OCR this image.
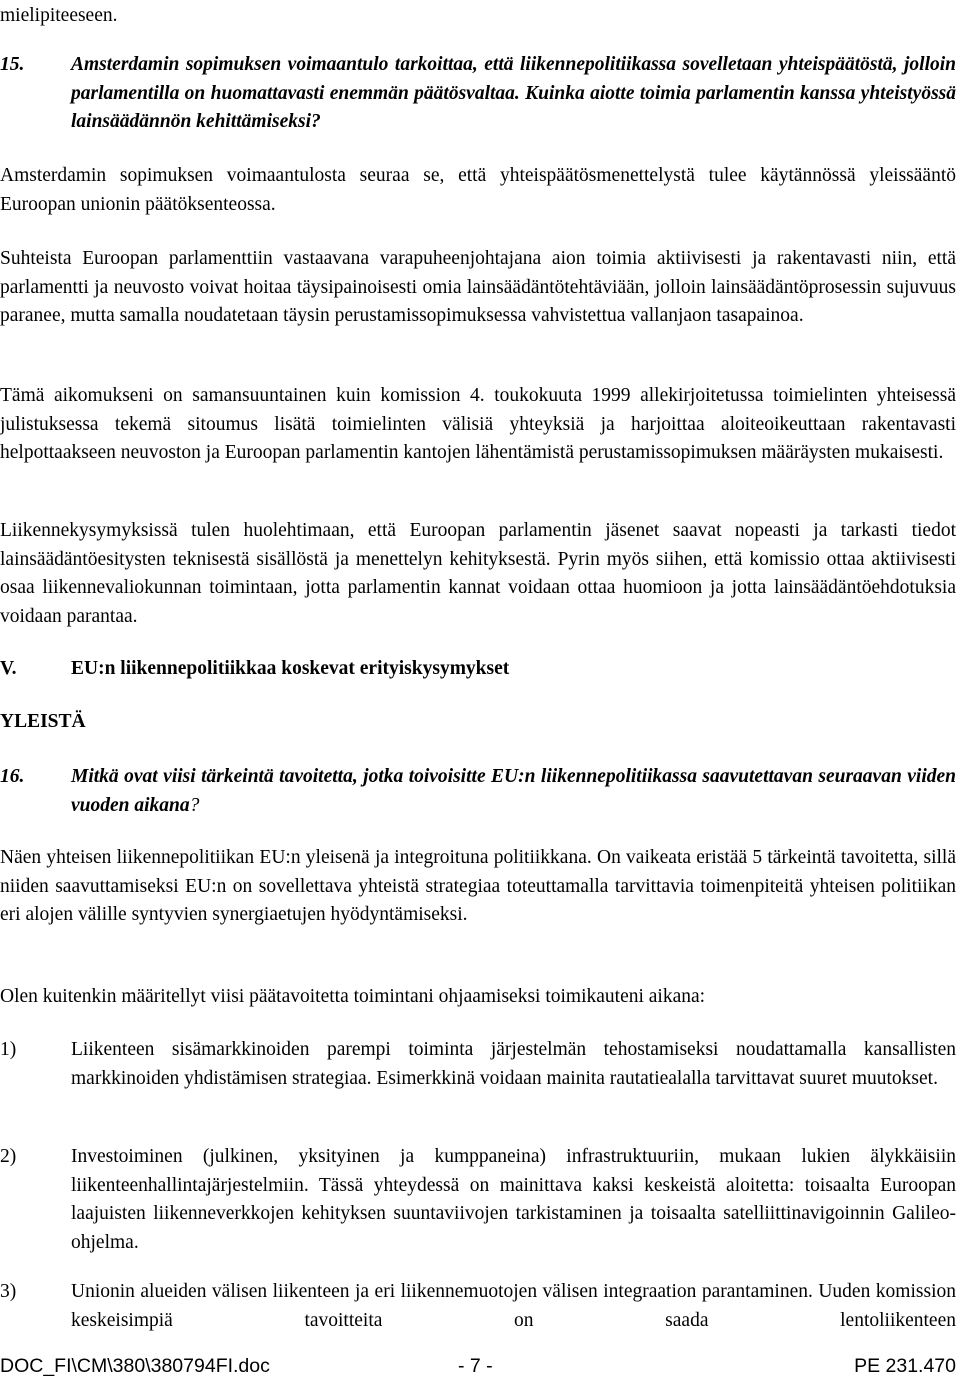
mielipiteeseen.

15. Amsterdamin sopimuksen voimaantulo tarkoittaa, että liikennepolitiikassa sovelletaan yhteispäätöstä, jolloin parlamentilla on huomattavasti enemmän päätösvaltaa. Kuinka aiotte toimia parlamentin kanssa yhteistyössä lainsäädännön kehittämiseksi?

Amsterdamin sopimuksen voimaantulosta seuraa se, että yhteispäätösmenettelystä tulee käytännössä yleissääntö Euroopan unionin päätöksenteossa.

Suhteista Euroopan parlamenttiin vastaavana varapuheenjohtajana aion toimia aktiivisesti ja rakentavasti niin, että parlamentti ja neuvosto voivat hoitaa täysipainoisesti omia lainsäädäntötehtäviään, jolloin lainsäädäntöprosessin sujuvuus paranee, mutta samalla noudatetaan täysin perustamissopimuksessa vahvistettua vallanjaon tasapainoa.

Tämä aikomukseni on samansuuntainen kuin komission 4. toukokuuta 1999 allekirjoitetussa toimielinten yhteisessä julistuksessa tekemä sitoumus lisätä toimielinten välisiä yhteyksiä ja harjoittaa aloiteoikeuttaan rakentavasti helpottaakseen neuvoston ja Euroopan parlamentin kantojen lähentämistä perustamissopimuksen määräysten mukaisesti.

Liikennekysymyksissä tulen huolehtimaan, että Euroopan parlamentin jäsenet saavat nopeasti ja tarkasti tiedot lainsäädäntöesitysten teknisestä sisällöstä ja menettelyn kehityksestä. Pyrin myös siihen, että komissio ottaa aktiivisesti osaa liikennevaliokunnan toimintaan, jotta parlamentin kannat voidaan ottaa huomioon ja jotta lainsäädäntöehdotuksia voidaan parantaa.

V.	EU:n liikennepolitiikkaa koskevat erityiskysymykset
YLEISTÄ
16. Mitkä ovat viisi tärkeintä tavoitetta, jotka toivoisitte EU:n liikennepolitiikassa saavutettavan seuraavan viiden vuoden aikana?

Näen yhteisen liikennepolitiikan EU:n yleisenä ja integroituna politiikkana. On vaikeata eristää 5 tärkeintä tavoitetta, sillä niiden saavuttamiseksi EU:n on sovellettava yhteistä strategiaa toteuttamalla tarvittavia toimenpiteitä yhteisen politiikan eri alojen välille syntyvien synergiaetujen hyödyntämiseksi.

Olen kuitenkin määritellyt viisi päätavoitetta toimintani ohjaamiseksi toimikauteni aikana:

1)	Liikenteen sisämarkkinoiden parempi toiminta järjestelmän tehostamiseksi noudattamalla kansallisten markkinoiden yhdistämisen strategiaa. Esimerkkinä voidaan mainita rautatiealalla tarvittavat suuret muutokset.
2)	Investoiminen (julkinen, yksityinen ja kumppaneina) infrastruktuuriin, mukaan lukien älykkäisiin liikenteenhallintajärjestelmiin. Tässä yhteydessä on mainittava kaksi keskeistä aloitetta: toisaalta Euroopan laajuisten liikenneverkkojen kehityksen suuntaviivojen tarkistaminen ja toisaalta satelliittinavigoinnin Galileo-ohjelma.
3)	Unionin alueiden välisen liikenteen ja eri liikennemuotojen välisen integraation parantaminen. Uuden komission keskeisimpiä tavoitteita on saada lentoliikenteen
DOC_FI\CM\380\380794FI.doc	- 7 -	PE 231.470
